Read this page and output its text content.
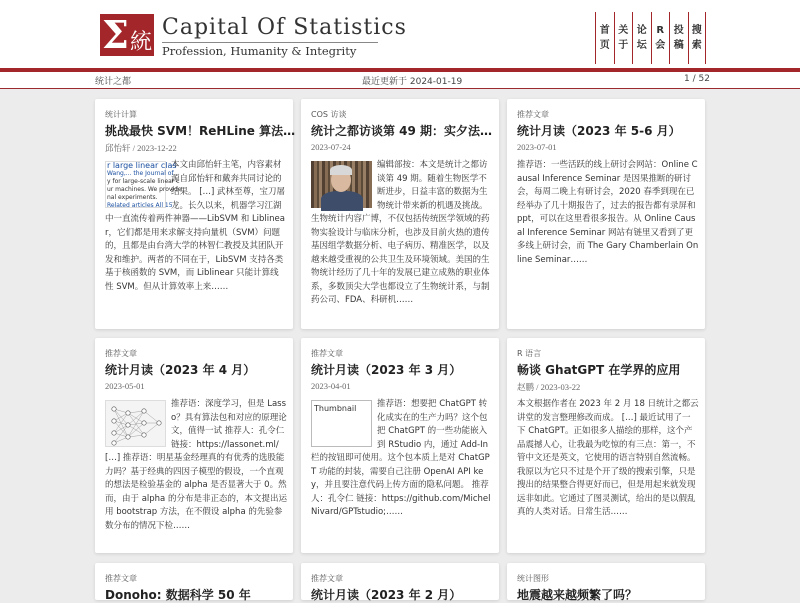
Σ 統
Capital Of Statistics
Profession, Humanity & Integrity
首
页
关
于
论
坛
R
会
投
稿
搜
索
统计之都	最近更新于 2024-01-19	1 / 52
统计计算
挑战最快 SVM！ReHLine 算法…
邱怡轩 / 2023-12-22
r large linear clas
Wang,... the Journal of
y for large-scale linear c
ur machines. We provide
nal experiments.
Related articles All 15
本文由邱怡轩主笔，内容素材源自邱怡轩和戴奔共同讨论的结果。 […] 武林至尊，宝刀屠龙。长久以来，机器学习江湖中一直流传着两件神器——LibSVM 和 Liblinear，它们都是用来求解支持向量机（SVM）问题的，且都是由台湾大学的林智仁教授及其团队开发和维护。两者的不同在于，LibSVM 支持各类基于核函数的 SVM，而 Liblinear 只能计算线性 SVM。但从计算效率上来……
COS 访谈
统计之都访谈第 49 期：实夕法…
2023-07-24
编辑部按：本文是统计之都访谈第 49 期。随着生物医学不断进步，日益丰富的数据为生物统计带来新的机遇及挑战。生物统计内容广博，不仅包括传统医学领域的药物实验设计与临床分析，也涉及目前火热的遗传基因组学数据分析、电子病历、精准医学，以及越来越受重视的公共卫生及环境领域。美国的生物统计经历了几十年的发展已建立成熟的职业体系，多数顶尖大学也都设立了生物统计系，与制药公司、FDA、科研机……
推荐文章
统计月读（2023 年 5-6 月）
2023-07-01
推荐语：一些活跃的线上研讨会网站：Online Causal Inference Seminar 是因果推断的研讨会，每周二晚上有研讨会，2020 春季到现在已经举办了几十期报告了，过去的报告都有录屏和 ppt，可以在这里看很多报告。从 Online Causal Inference Seminar 网站有链里又看到了更多线上研讨会，而 The Gary Chamberlain Online Seminar……
推荐文章
统计月读（2023 年 4 月）
2023-05-01
推荐语：深度学习，但是 Lasso？具有算法包和对应的原理论文，值得一试 推荐人：孔令仁 链接：https://lassonet.ml/ […] 推荐语：明星基金经理真的有优秀的选股能力吗？基于经典的四因子模型的假设，一个直观的想法是检验基金的 alpha 是否显著大于 0。然而，由于 alpha 的分布是非正态的，本文提出运用 bootstrap 方法，在不假设 alpha 的先验参数分布的情况下检……
推荐文章
统计月读（2023 年 3 月）
2023-04-01
Thumbnail 推荐语：想要把 ChatGPT 转化成实在的生产力吗？这个包把 ChatGPT 的一些功能嵌入到 RStudio 内，通过 Add-In 栏的按钮即可使用。这个包本质上是对 ChatGPT 功能的封装，需要自己注册 OpenAI API key，并且要注意代码上传方面的隐私问题。 推荐人：孔令仁 链接：https://github.com/MichelNivard/GPTstudio;……
R 语言
畅谈 GhatGPT 在学界的应用
赵鹏 / 2023-03-22
本文根据作者在 2023 年 2 月 18 日统计之都云讲堂的发言整理修改而成。 […] 最近试用了一下 ChatGPT。正如很多人描绘的那样，这个产品震撼人心，让我最为吃惊的有三点：第一，不管中文还是英文，它使用的语言特别自然流畅。我原以为它只不过是个开了级的搜索引擎，只是搜出的结果整合得更好而已，但是用起来就发现远非如此。它通过了图灵测试，给出的是以假乱真的人类对话。日常生活……
推荐文章
Donoho: 数据科学 50 年
推荐文章
统计月读（2023 年 2 月）
统计图形
地震越来越频繁了吗？
